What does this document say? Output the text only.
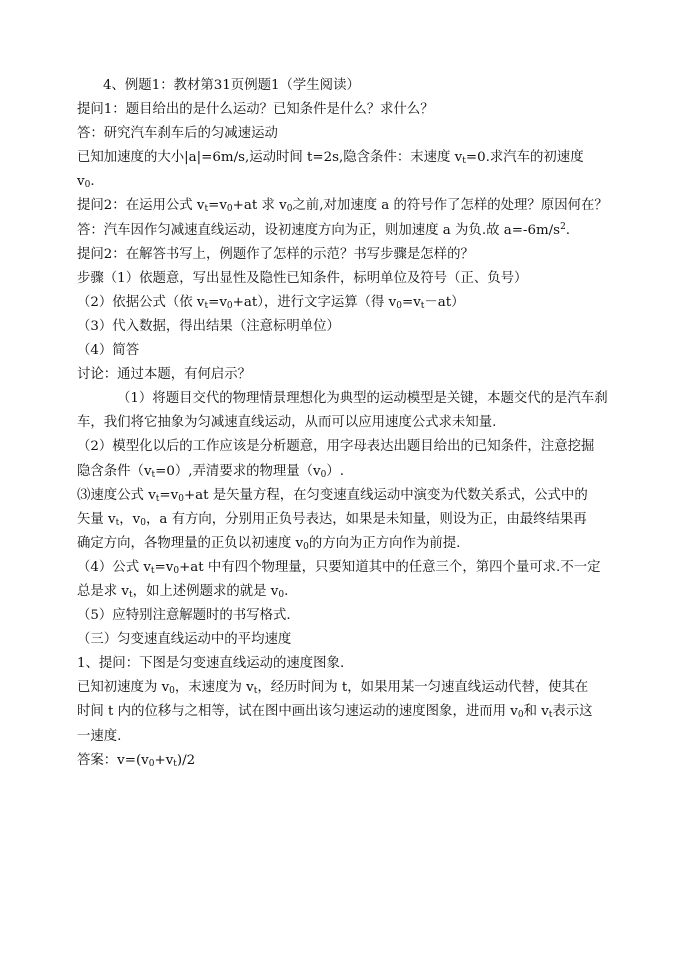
4、例题1：教材第31页例题1（学生阅读）

提问1：题目给出的是什么运动？已知条件是什么？求什么？

答：研究汽车刹车后的匀减速运动

已知加速度的大小|a|=6m/s,运动时间 t=2s,隐含条件：末速度 $v_t=0$.求汽车的初速度

$v_0$.

提问2：在运用公式 $v_t=v_0+at$ 求 $v_0$之前,对加速度 a 的符号作了怎样的处理？原因何在？

答：汽车因作匀减速直线运动，设初速度方向为正，则加速度 a 为负.故 $a=-6m/s^2$.

提问2：在解答书写上，例题作了怎样的示范？书写步骤是怎样的？

步骤（1）依题意，写出显性及隐性已知条件，标明单位及符号（正、负号）

（2）依据公式（依 $v_t=v_0+at$），进行文字运算（得 $v_0=v_t-at$）

（3）代入数据，得出结果（注意标明单位）

（4）简答

讨论：通过本题，有何启示？

（1）将题目交代的物理情景理想化为典型的运动模型是关键，本题交代的是汽车刹

车，我们将它抽象为匀减速直线运动，从而可以应用速度公式求未知量.

（2）模型化以后的工作应该是分析题意，用字母表达出题目给出的已知条件，注意挖掘

隐含条件$(v_t=0)$,弄清要求的物理量$(v_0)$.

⑶速度公式 $v_t=v_0+at$ 是矢量方程，在匀变速直线运动中演变为代数关系式，公式中的

矢量 $v_t$，$v_0$，a 有方向，分别用正负号表达，如果是未知量，则设为正，由最终结果再

确定方向，各物理量的正负以初速度 $v_0$的方向为正方向作为前提.

（4）公式 $v_t=v_0+at$ 中有四个物理量，只要知道其中的任意三个，第四个量可求.不一定

总是求 $v_t$，如上述例题求的就是 $v_0$.

（5）应特别注意解题时的书写格式.

（三）匀变速直线运动中的平均速度

1、提问：下图是匀变速直线运动的速度图象.

已知初速度为 $v_0$，末速度为 $v_t$，经历时间为 t，如果用某一匀速直线运动代替，使其在

时间 t 内的位移与之相等，试在图中画出该匀速运动的速度图象，进而用 $v_0$和 $v_t$表示这

一速度.

答案：$v=(v_0+v_t)/2$
